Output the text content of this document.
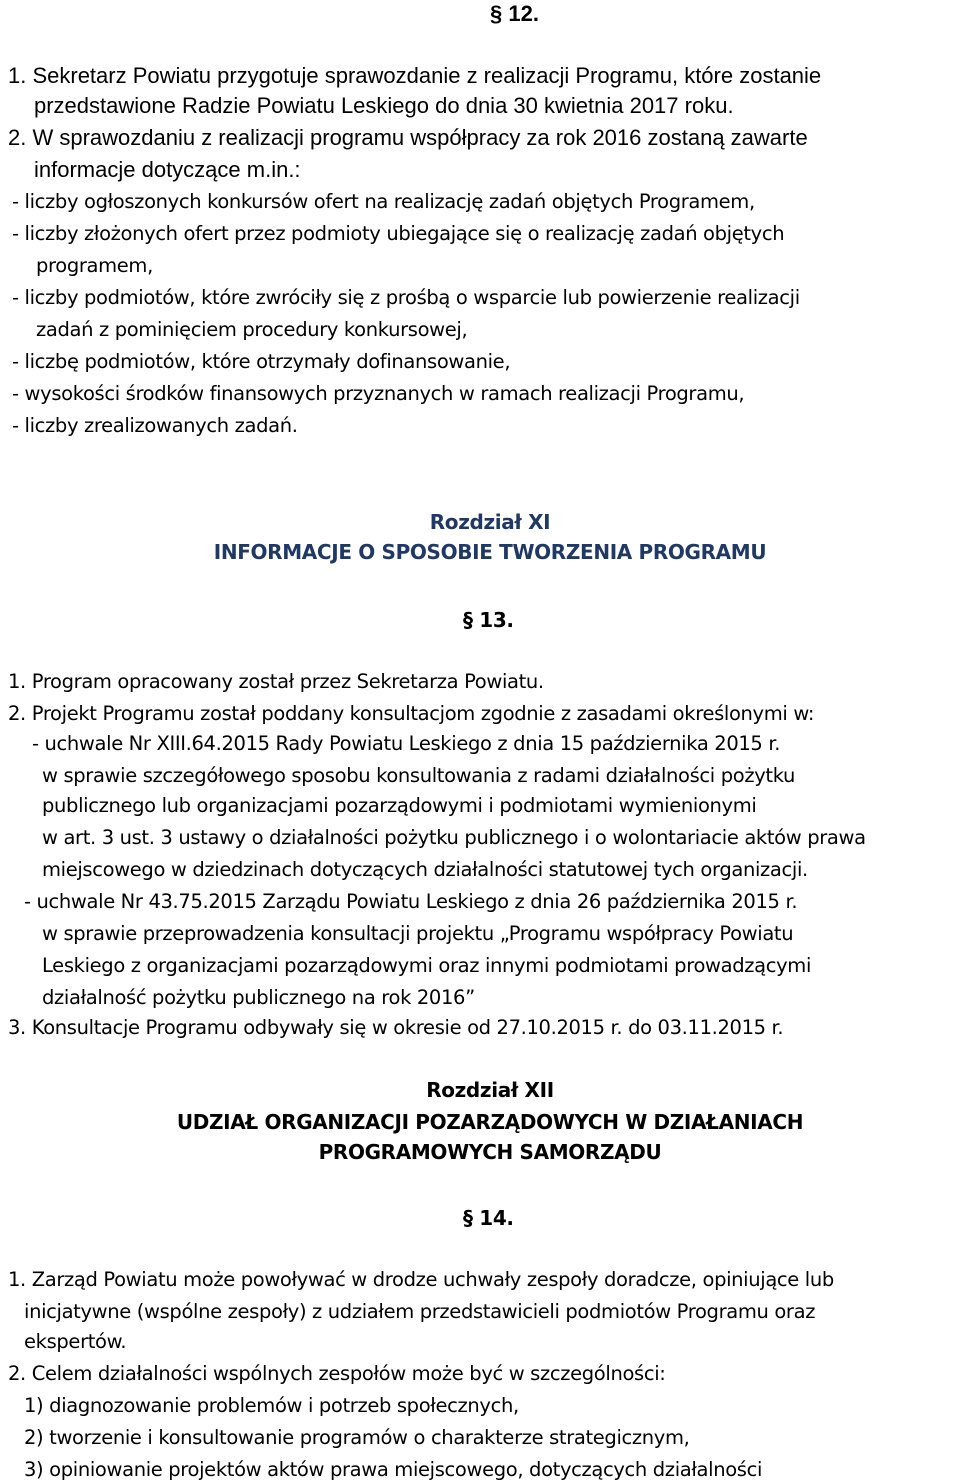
§ 12.
1. Sekretarz Powiatu przygotuje sprawozdanie z realizacji Programu, które zostanie
przedstawione Radzie Powiatu Leskiego do dnia 30 kwietnia 2017 roku.
2. W sprawozdaniu z realizacji programu współpracy za rok 2016 zostaną zawarte
informacje dotyczące m.in.:
- liczby ogłoszonych konkursów ofert na realizację zadań objętych Programem,
- liczby złożonych ofert przez podmioty ubiegające się o realizację zadań objętych
programem,
- liczby podmiotów, które zwróciły się z prośbą o wsparcie lub powierzenie realizacji
zadań z pominięciem procedury konkursowej,
- liczbę podmiotów, które otrzymały dofinansowanie,
- wysokości środków finansowych przyznanych w ramach realizacji Programu,
- liczby zrealizowanych zadań.
Rozdział XI
INFORMACJE O SPOSOBIE TWORZENIA PROGRAMU
§ 13.
1. Program opracowany został przez Sekretarza Powiatu.
2. Projekt Programu został poddany konsultacjom zgodnie z zasadami określonymi w:
- uchwale Nr XIII.64.2015 Rady Powiatu Leskiego z dnia 15 października 2015 r.
w sprawie szczegółowego sposobu konsultowania z radami działalności pożytku
publicznego lub organizacjami pozarządowymi i podmiotami wymienionymi
w art. 3 ust. 3 ustawy o działalności pożytku publicznego i o wolontariacie aktów prawa
miejscowego w dziedzinach dotyczących działalności statutowej tych organizacji.
- uchwale Nr 43.75.2015 Zarządu Powiatu Leskiego z dnia 26 października 2015 r.
w sprawie przeprowadzenia konsultacji projektu „Programu współpracy Powiatu
Leskiego z organizacjami pozarządowymi oraz innymi podmiotami prowadzącymi
działalność pożytku publicznego na rok 2016”
3. Konsultacje Programu odbywały się w okresie od 27.10.2015 r. do 03.11.2015 r.
Rozdział XII
UDZIAŁ ORGANIZACJI POZARZĄDOWYCH W DZIAŁANIACH
PROGRAMOWYCH SAMORZĄDU
§ 14.
1. Zarząd Powiatu może powoływać w drodze uchwały zespoły doradcze, opiniujące lub
inicjatywne (wspólne zespoły) z udziałem przedstawicieli podmiotów Programu oraz
ekspertów.
2. Celem działalności wspólnych zespołów może być w szczególności:
1) diagnozowanie problemów i potrzeb społecznych,
2) tworzenie i konsultowanie programów o charakterze strategicznym,
3) opiniowanie projektów aktów prawa miejscowego, dotyczących działalności
